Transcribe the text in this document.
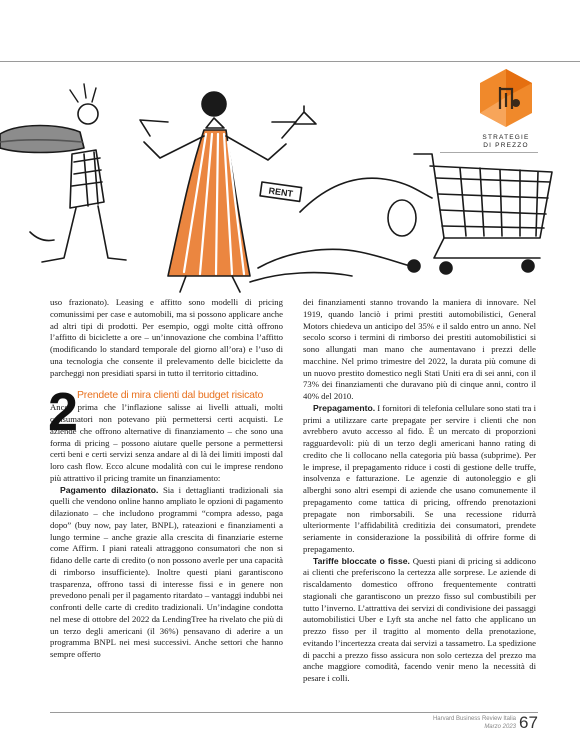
RENT
STRATEGIE
DI PREZZO

uso frazionato). Leasing e affitto sono modelli di pricing comunissimi per case e automobili, ma si possono applicare anche ad altri tipi di prodotti. Per esempio, oggi molte città offrono l’affitto di biciclette a ore – un’innovazione che combina l’affitto (modificando lo standard temporale del giorno all’ora) e l’uso di una tecnologia che consente il prelevamento delle biciclette da parcheggi non presidiati sparsi in tutto il territorio cittadino.

2
Prendete di mira clienti dal budget risicato

Ancor prima che l’inflazione salisse ai livelli attuali, molti consumatori non potevano più permettersi certi acquisti. Le aziende che offrono alternative di finanziamento – che sono una forma di pricing – possono aiutare quelle persone a permettersi certi beni e certi servizi senza andare al di là dei limiti imposti dal loro cash flow. Ecco alcune modalità con cui le imprese rendono più attrattivo il pricing tramite un finanziamento:

Pagamento dilazionato. Sia i dettaglianti tradizionali sia quelli che vendono online hanno ampliato le opzioni di pagamento dilazionato – che includono programmi “compra adesso, paga dopo” (buy now, pay later, BNPL), rateazioni e finanziamenti a lungo termine – anche grazie alla crescita di finanziarie esterne come Affirm. I piani rateali attraggono consumatori che non si fidano delle carte di credito (o non possono averle per una capacità di rimborso insufficiente). Inoltre questi piani garantiscono trasparenza, offrono tassi di interesse fissi e in genere non prevedono penali per il pagamento ritardato – vantaggi indubbi nei confronti delle carte di credito tradizionali. Un’indagine condotta nel mese di ottobre del 2022 da LendingTree ha rivelato che più di un terzo degli americani (il 36%) pensavano di aderire a un programma BNPL nei mesi successivi. Anche settori che hanno sempre offerto

dei finanziamenti stanno trovando la maniera di innovare. Nel 1919, quando lanciò i primi prestiti automobilistici, General Motors chiedeva un anticipo del 35% e il saldo entro un anno. Nel secolo scorso i termini di rimborso dei prestiti automobilistici si sono allungati man mano che aumentavano i prezzi delle macchine. Nel primo trimestre del 2022, la durata più comune di un nuovo prestito domestico negli Stati Uniti era di sei anni, con il 73% dei finanziamenti che duravano più di cinque anni, contro il 40% del 2010.

Prepagamento. I fornitori di telefonia cellulare sono stati tra i primi a utilizzare carte prepagate per servire i clienti che non avrebbero avuto accesso al fido. È un mercato di proporzioni ragguardevoli: più di un terzo degli americani hanno rating di credito che li collocano nella categoria più bassa (subprime). Per le imprese, il prepagamento riduce i costi di gestione delle truffe, insolvenza e fatturazione. Le agenzie di autonoleggio e gli alberghi sono altri esempi di aziende che usano comunemente il prepagamento come tattica di pricing, offrendo prenotazioni prepagate non rimborsabili. Se una recessione ridurrà ulteriormente l’affidabilità creditizia dei consumatori, prendete seriamente in considerazione la possibilità di offrire forme di prepagamento.

Tariffe bloccate o fisse. Questi piani di pricing si addicono ai clienti che preferiscono la certezza alle sorprese. Le aziende di riscaldamento domestico offrono frequentemente contratti stagionali che garantiscono un prezzo fisso sul combustibili per tutto l’inverno. L’attrattiva dei servizi di condivisione dei passaggi automobilistici Uber e Lyft sta anche nel fatto che applicano un prezzo fisso per il tragitto al momento della prenotazione, evitando l’incertezza creata dai servizi a tassametro. La spedizione di pacchi a prezzo fisso assicura non solo certezza del prezzo ma anche maggiore comodità, facendo venir meno la necessità di pesare i colli.

Harvard Business Review Italia
Marzo 2023 67
